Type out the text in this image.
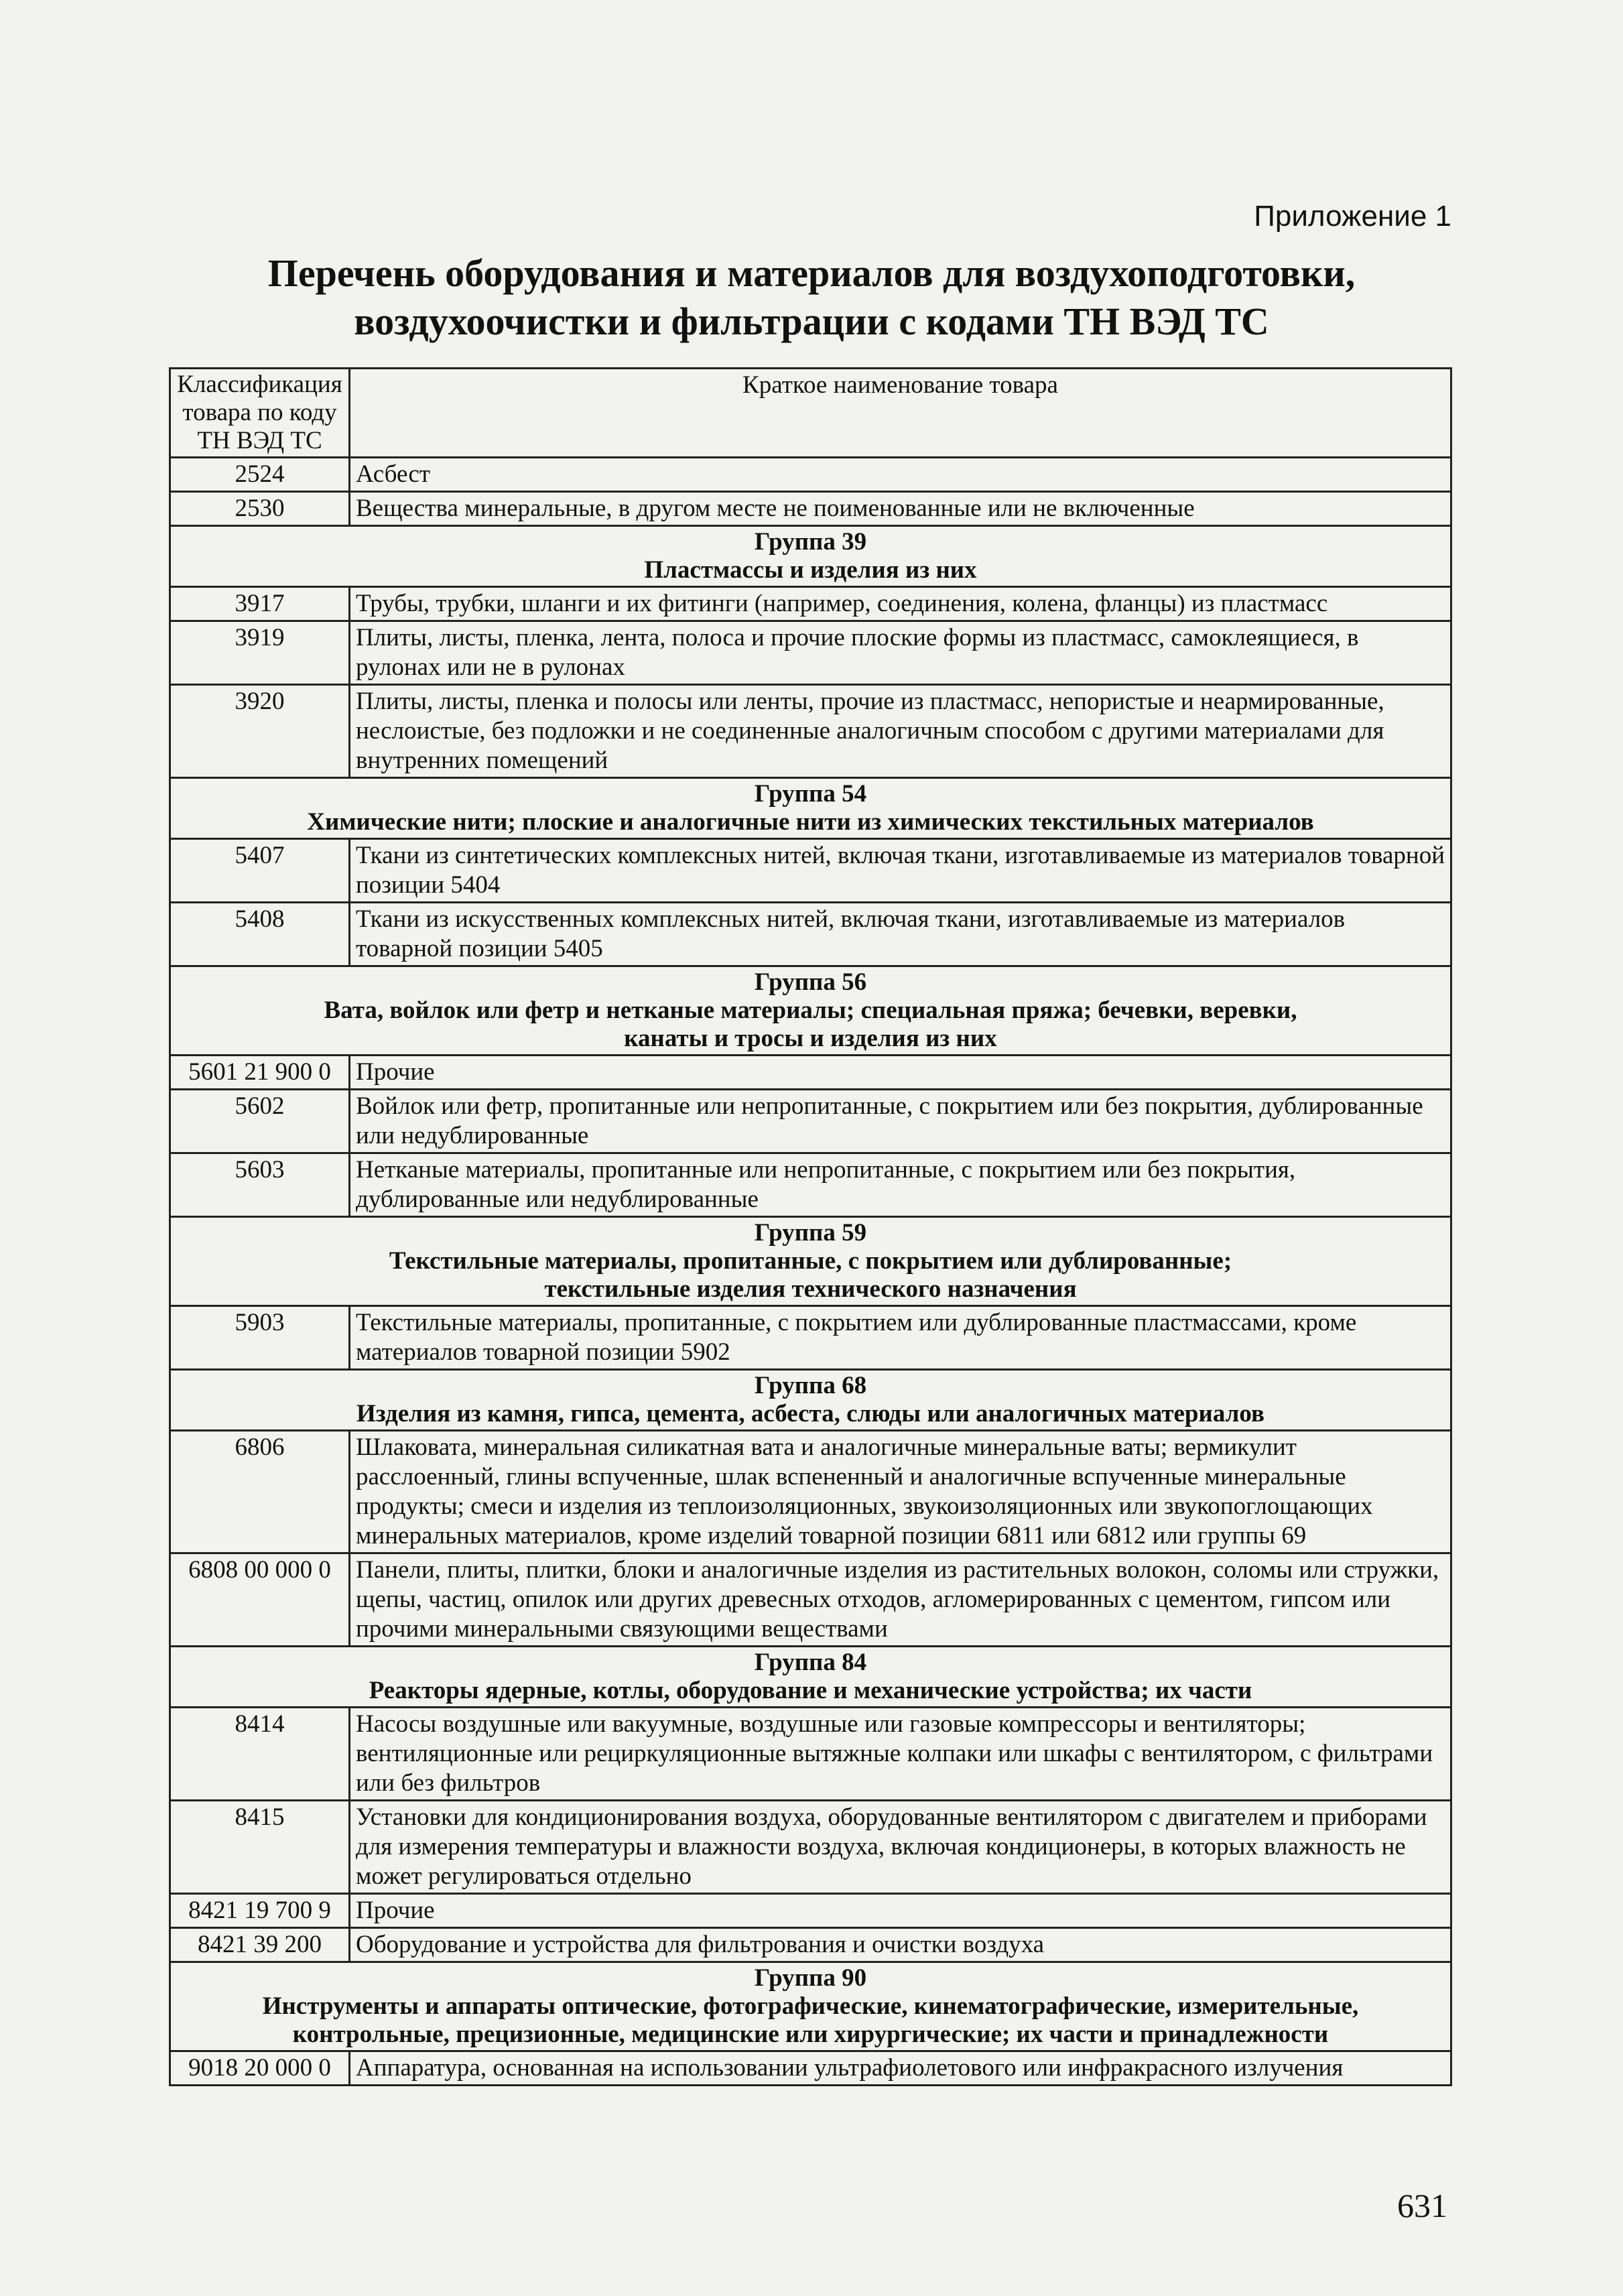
Приложение 1
Перечень оборудования и материалов для воздухоподготовки,
воздухоочистки и фильтрации с кодами ТН ВЭД ТС
Классификация
товара по коду
ТН ВЭД ТС	Краткое наименование товара
2524	Асбест
2530	Вещества минеральные, в другом месте не поименованные или не включенные

Группа 39
Пластмассы и изделия из них	

3917	Трубы, трубки, шланги и их фитинги (например, соединения, колена, фланцы) из пластмасс
3919	Плиты, листы, пленка, лента, полоса и прочие плоские формы из пластмасс, самоклеящиеся, в рулонах или не в рулонах
3920	Плиты, листы, пленка и полосы или ленты, прочие из пластмасс, непористые и неармированные, неслоистые, без подложки и не соединенные аналогичным способом с другими материалами для внутренних помещений

Группа 54
Химические нити; плоские и аналогичные нити из химических текстильных материалов	

5407	Ткани из синтетических комплексных нитей, включая ткани, изготавливаемые из материалов товарной позиции 5404
5408	Ткани из искусственных комплексных нитей, включая ткани, изготавливаемые из материалов товарной позиции 5405

Группа 56
Вата, войлок или фетр и нетканые материалы; специальная пряжа; бечевки, веревки,
канаты и тросы и изделия из них	

5601 21 900 0	Прочие
5602	Войлок или фетр, пропитанные или непропитанные, с покрытием или без покрытия, дублированные или недублированные
5603	Нетканые материалы, пропитанные или непропитанные, с покрытием или без покрытия, дублированные или недублированные

Группа 59
Текстильные материалы, пропитанные, с покрытием или дублированные;
текстильные изделия технического назначения	

5903	Текстильные материалы, пропитанные, с покрытием или дублированные пластмассами, кроме материалов товарной позиции 5902

Группа 68
Изделия из камня, гипса, цемента, асбеста, слюды или аналогичных материалов	

6806	Шлаковата, минеральная силикатная вата и аналогичные минеральные ваты; вермикулит расслоенный, глины вспученные, шлак вспененный и аналогичные вспученные минеральные продукты; смеси и изделия из теплоизоляционных, звукоизоляционных или звукопоглощающих минеральных материалов, кроме изделий товарной позиции 6811 или 6812 или группы 69
6808 00 000 0	Панели, плиты, плитки, блоки и аналогичные изделия из растительных волокон, соломы или стружки, щепы, частиц, опилок или других древесных отходов, агломерированных с цементом, гипсом или прочими минеральными связующими веществами

Группа 84
Реакторы ядерные, котлы, оборудование и механические устройства; их части	

8414	Насосы воздушные или вакуумные, воздушные или газовые компрессоры и вентиляторы; вентиляционные или рециркуляционные вытяжные колпаки или шкафы с вентилятором, с фильтрами или без фильтров
8415	Установки для кондиционирования воздуха, оборудованные вентилятором с двигателем и приборами для измерения температуры и влажности воздуха, включая кондиционеры, в которых влажность не может регулироваться отдельно
8421 19 700 9	Прочие
8421 39 200	Оборудование и устройства для фильтрования и очистки воздуха

Группа 90
Инструменты и аппараты оптические, фотографические, кинематографические, измерительные,
контрольные, прецизионные, медицинские или хирургические; их части и принадлежности	

9018 20 000 0	Аппаратура, основанная на использовании ультрафиолетового или инфракрасного излучения
631
